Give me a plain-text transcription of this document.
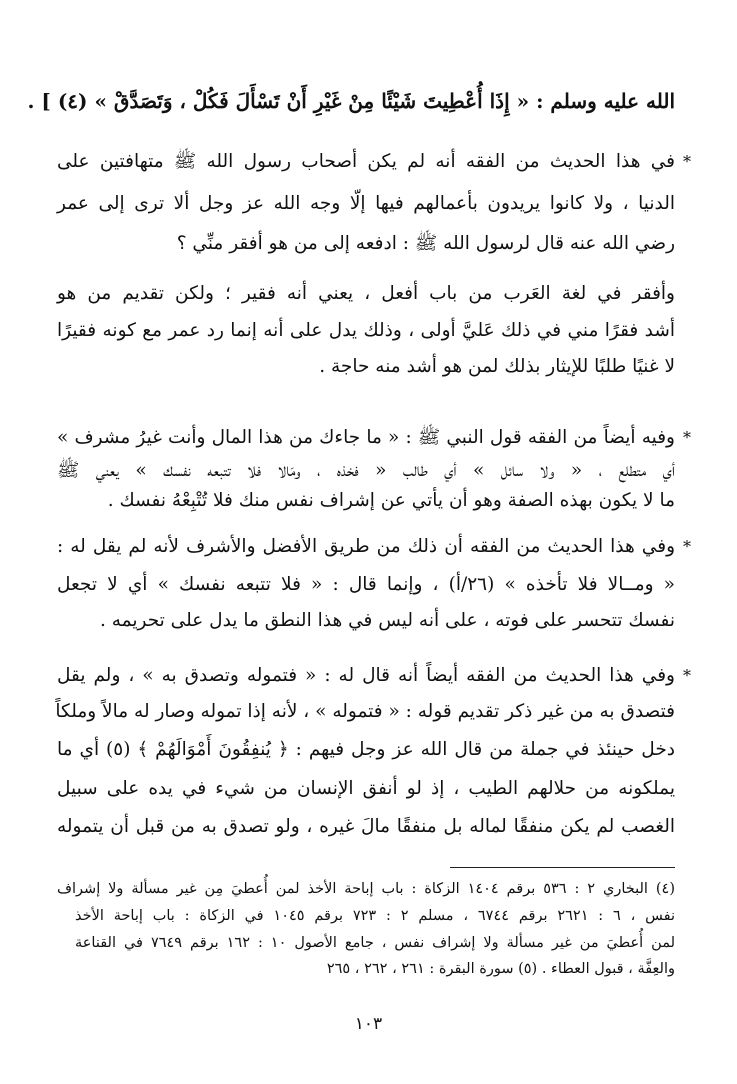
الله عليه وسلم : « إِذَا أُعْطِيتَ شَيْئًا مِنْ غَيْرِ أَنْ تَسْأَلَ فَكُلْ ، وَتَصَدَّقْ » (٤) ] .
*
في هذا الحديث من الفقه أنه لم يكن أصحاب رسول الله ﷺ متهافتين على
الدنيا ، ولا كانوا يريدون بأعمالهم فيها إلّا وجه الله عز وجل ألا ترى إلى عمر
رضي الله عنه قال لرسول الله ﷺ : ادفعه إلى من هو أفقر منِّي ؟
وأفقر في لغة العَرب من باب أفعل ، يعني أنه فقير ؛ ولكن تقديم من هو
أشد فقرًا مني في ذلك عَليَّ أولى ، وذلك يدل على أنه إنما رد عمر مع كونه فقيرًا
لا غنيًا طلبًا للإيثار بذلك لمن هو أشد منه حاجة .
*
وفيه أيضاً من الفقه قول النبي ﷺ : « ما جاءك من هذا المال وأنت غيرُ مشرف »
أي متطلع ، « ولا سائل » أي طالب « فخذه ، ومَالا فلا تتبعه نفسك » يعني ﷺ
ما لا يكون بهذه الصفة وهو أن يأتي عن إشراف نفس منك فلا تُتْبِعْهُ نفسك .
*
وفي هذا الحديث من الفقه أن ذلك من طريق الأفضل والأشرف لأنه لم يقل له :
« ومــالا فلا تأخذه » (٢٦/أ) ، وإنما قال : « فلا تتبعه نفسك » أي لا تجعل
نفسك تتحسر على فوته ، على أنه ليس في هذا النطق ما يدل على تحريمه .
*
وفي هذا الحديث من الفقه أيضاً أنه قال له : « فتموله وتصدق به » ، ولم يقل
فتصدق به من غير ذكر تقديم قوله : « فتموله » ، لأنه إذا تموله وصار له مالاً وملكاً
دخل حينئذ في جملة من قال الله عز وجل فيهم : ﴿ يُنفِقُونَ أَمْوَالَهُمْ ﴾ (٥) أي ما
يملكونه من حلالهم الطيب ، إذ لو أنفق الإنسان من شيء في يده على سبيل
الغصب لم يكن منفقًا لماله بل منفقًا مالَ غيره ، ولو تصدق به من قبل أن يتموله
(٤) البخاري ٢ : ٥٣٦ برقم ١٤٠٤ الزكاة : باب إباحة الأخذ لمن أُعطيَ مِن غير مسألة ولا إشراف
نفس ، ٦ : ٢٦٢١ برقم ٦٧٤٤ ، مسلم ٢ : ٧٢٣ برقم ١٠٤٥ في الزكاة : باب إباحة الأخذ
لمن أُعطيَ من غير مسألة ولا إشراف نفس ، جامع الأصول ١٠ : ١٦٢ برقم ٧٦٤٩ في القناعة
والعِفَّة ، قبول العطاء . (٥) سورة البقرة : ٢٦١ ، ٢٦٢ ، ٢٦٥
١٠٣
